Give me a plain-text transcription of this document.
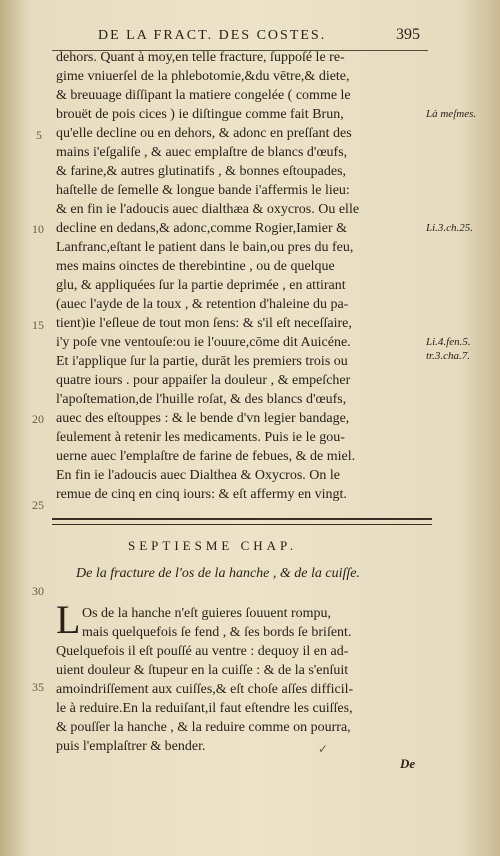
DE LA FRACT. DES COSTES.	395
dehors. Quant à moy,en telle fracture, ſuppoſé le re-
gime vniuerſel de la phlebotomie,&du vētre,& diete,
& breuuage diſſipant la matiere congelée ( comme le
brouët de pois cices ) ie diſtingue comme fait Brun,
qu'elle decline ou en dehors, & adonc en preſſant des
mains i'eſgaliſe , & auec emplaſtre de blancs d'œufs,
& farine,& autres glutinatifs , & bonnes eſtoupades,
haſtelle de ſemelle & longue bande i'affermis le lieu:
& en fin ie l'adoucis auec dialthæa & oxycros. Ou elle
decline en dedans,& adonc,comme Rogier,Iamier &
Lanfranc,eſtant le patient dans le bain,ou pres du feu,
mes mains oinctes de therebintine , ou de quelque
glu, & appliquées ſur la partie deprimée , en attirant
(auec l'ayde de la toux , & retention d'haleine du pa-
tient)ie l'eſleue de tout mon ſens: & s'il eſt neceſſaire,
i'y poſe vne ventouſe:ou ie l'ouure,cōme dit Auicéne.
Et i'applique ſur la partie, durāt les premiers trois ou
quatre iours . pour appaiſer la douleur , & empeſcher
l'apoſtemation,de l'huille roſat, & des blancs d'œufs,
auec des eſtouppes : & le bende d'vn legier bandage,
ſeulement à retenir les medicaments. Puis ie le gou-
uerne auec l'emplaſtre de farine de febues, & de miel.
En fin ie l'adoucis auec Dialthea & Oxycros. On le
remue de cinq en cinq iours: & eſt affermy en vingt.
5
10
15
20
25
30
35
Là meſmes.
Li.3.ch.25.
Li.4.fen.5.
tr.3.cha.7.
SEPTIESME CHAP.
De la fracture de l'os de la hanche , & de la cuiſſe.
L Os de la hanche n'eſt guieres ſouuent rompu,
mais quelquefois ſe fend , & ſes bords ſe briſent.
Quelquefois il eſt pouſſé au ventre : dequoy il en ad-
uient douleur & ſtupeur en la cuiſſe : & de la s'enſuit
amoindriſſement aux cuiſſes,& eſt choſe aſſes difficil-
le à reduire.En la reduiſant,il faut eſtendre les cuiſſes,
& pouſſer la hanche , & la reduire comme on pourra,
puis l'emplaſtrer & bender.	✓
De
